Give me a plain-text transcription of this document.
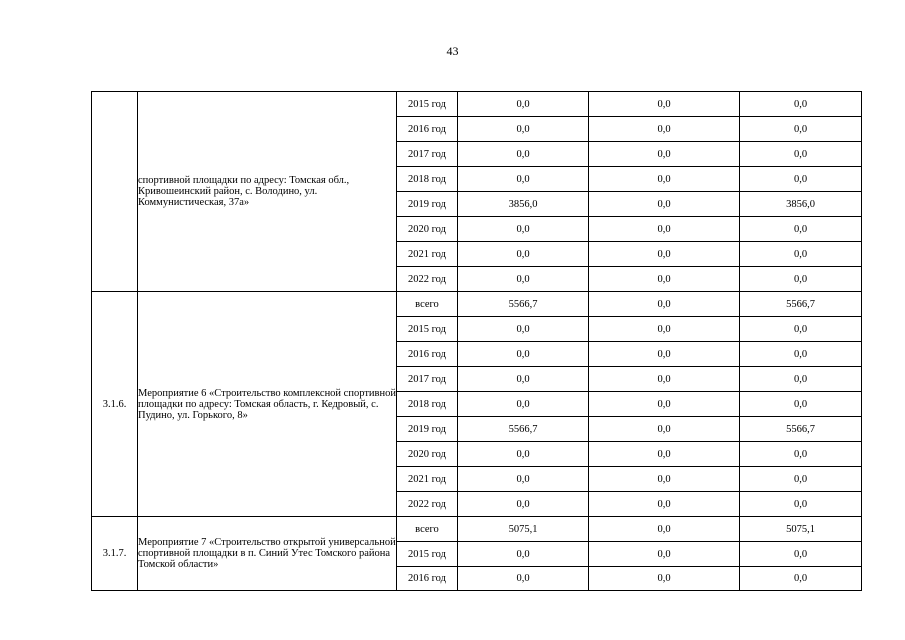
43
	спортивной площадки по адресу: Томская обл., Кривошеинский район, с. Володино, ул. Коммунистическая, 37а»	2015 год	0,0	0,0	0,0
		2016 год	0,0	0,0	0,0
		2017 год	0,0	0,0	0,0
		2018 год	0,0	0,0	0,0
		2019 год	3856,0	0,0	3856,0
		2020 год	0,0	0,0	0,0
		2021 год	0,0	0,0	0,0
		2022 год	0,0	0,0	0,0
3.1.6.	Мероприятие 6 «Строительство комплексной спортивной площадки по адресу: Томская область, г. Кедровый, с. Пудино, ул. Горького, 8»	всего	5566,7	0,0	5566,7
		2015 год	0,0	0,0	0,0
		2016 год	0,0	0,0	0,0
		2017 год	0,0	0,0	0,0
		2018 год	0,0	0,0	0,0
		2019 год	5566,7	0,0	5566,7
		2020 год	0,0	0,0	0,0
		2021 год	0,0	0,0	0,0
		2022 год	0,0	0,0	0,0
3.1.7.	Мероприятие 7 «Строительство открытой универсальной спортивной площадки в п. Синий Утес Томского района Томской области»	всего	5075,1	0,0	5075,1
		2015 год	0,0	0,0	0,0
		2016 год	0,0	0,0	0,0
